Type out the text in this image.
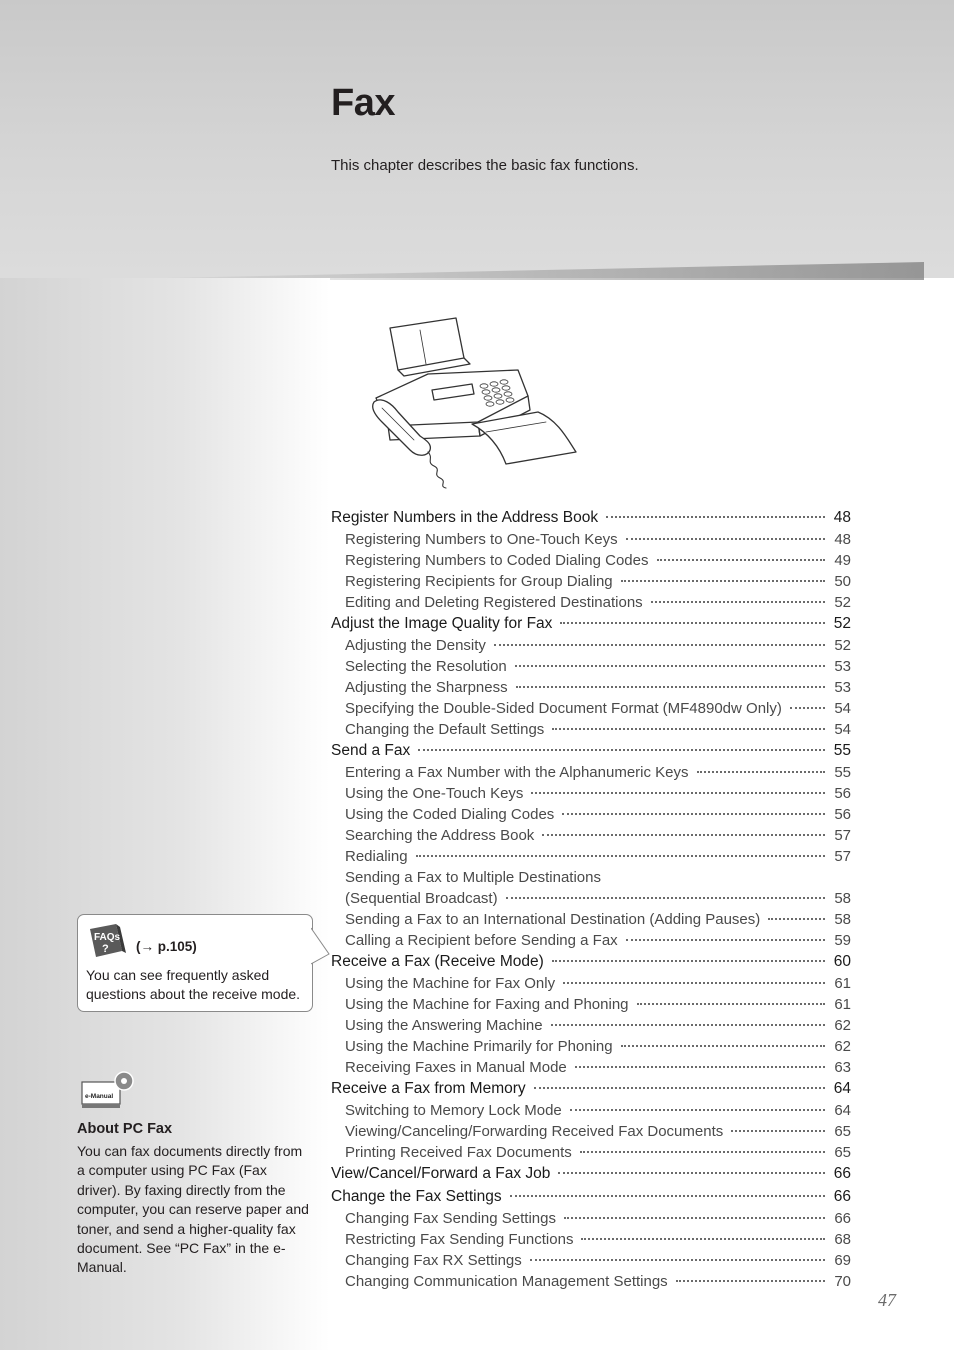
Fax

This chapter describes the basic fax functions.

Register Numbers in the Address Book	48
Registering Numbers to One-Touch Keys	48
Registering Numbers to Coded Dialing Codes	49
Registering Recipients for Group Dialing	50
Editing and Deleting Registered Destinations	52
Adjust the Image Quality for Fax	52
Adjusting the Density	52
Selecting the Resolution	53
Adjusting the Sharpness	53
Specifying the Double-Sided Document Format (MF4890dw Only)	54
Changing the Default Settings	54
Send a Fax	55
Entering a Fax Number with the Alphanumeric Keys	55
Using the One-Touch Keys	56
Using the Coded Dialing Codes	56
Searching the Address Book	57
Redialing	57
Sending a Fax to Multiple Destinations
(Sequential Broadcast)	58
Sending a Fax to an International Destination (Adding Pauses)	58
Calling a Recipient before Sending a Fax	59
Receive a Fax (Receive Mode)	60
Using the Machine for Fax Only	61
Using the Machine for Faxing and Phoning	61
Using the Answering Machine	62
Using the Machine Primarily for Phoning	62
Receiving Faxes in Manual Mode	63
Receive a Fax from Memory	64
Switching to Memory Lock Mode	64
Viewing/Canceling/Forwarding Received Fax Documents	65
Printing Received Fax Documents	65
View/Cancel/Forward a Fax Job	66
Change the Fax Settings	66
Changing Fax Sending Settings	66
Restricting Fax Sending Functions	68
Changing Fax RX Settings	69
Changing Communication Management Settings	70
FAQs
? (→ p.105)

You can see frequently asked questions about the receive mode.

e-Manual

About PC Fax

You can fax documents directly from a computer using PC Fax (Fax driver). By faxing directly from the computer, you can reserve paper and toner, and send a higher-quality fax document. See “PC Fax” in the e-Manual.

47
